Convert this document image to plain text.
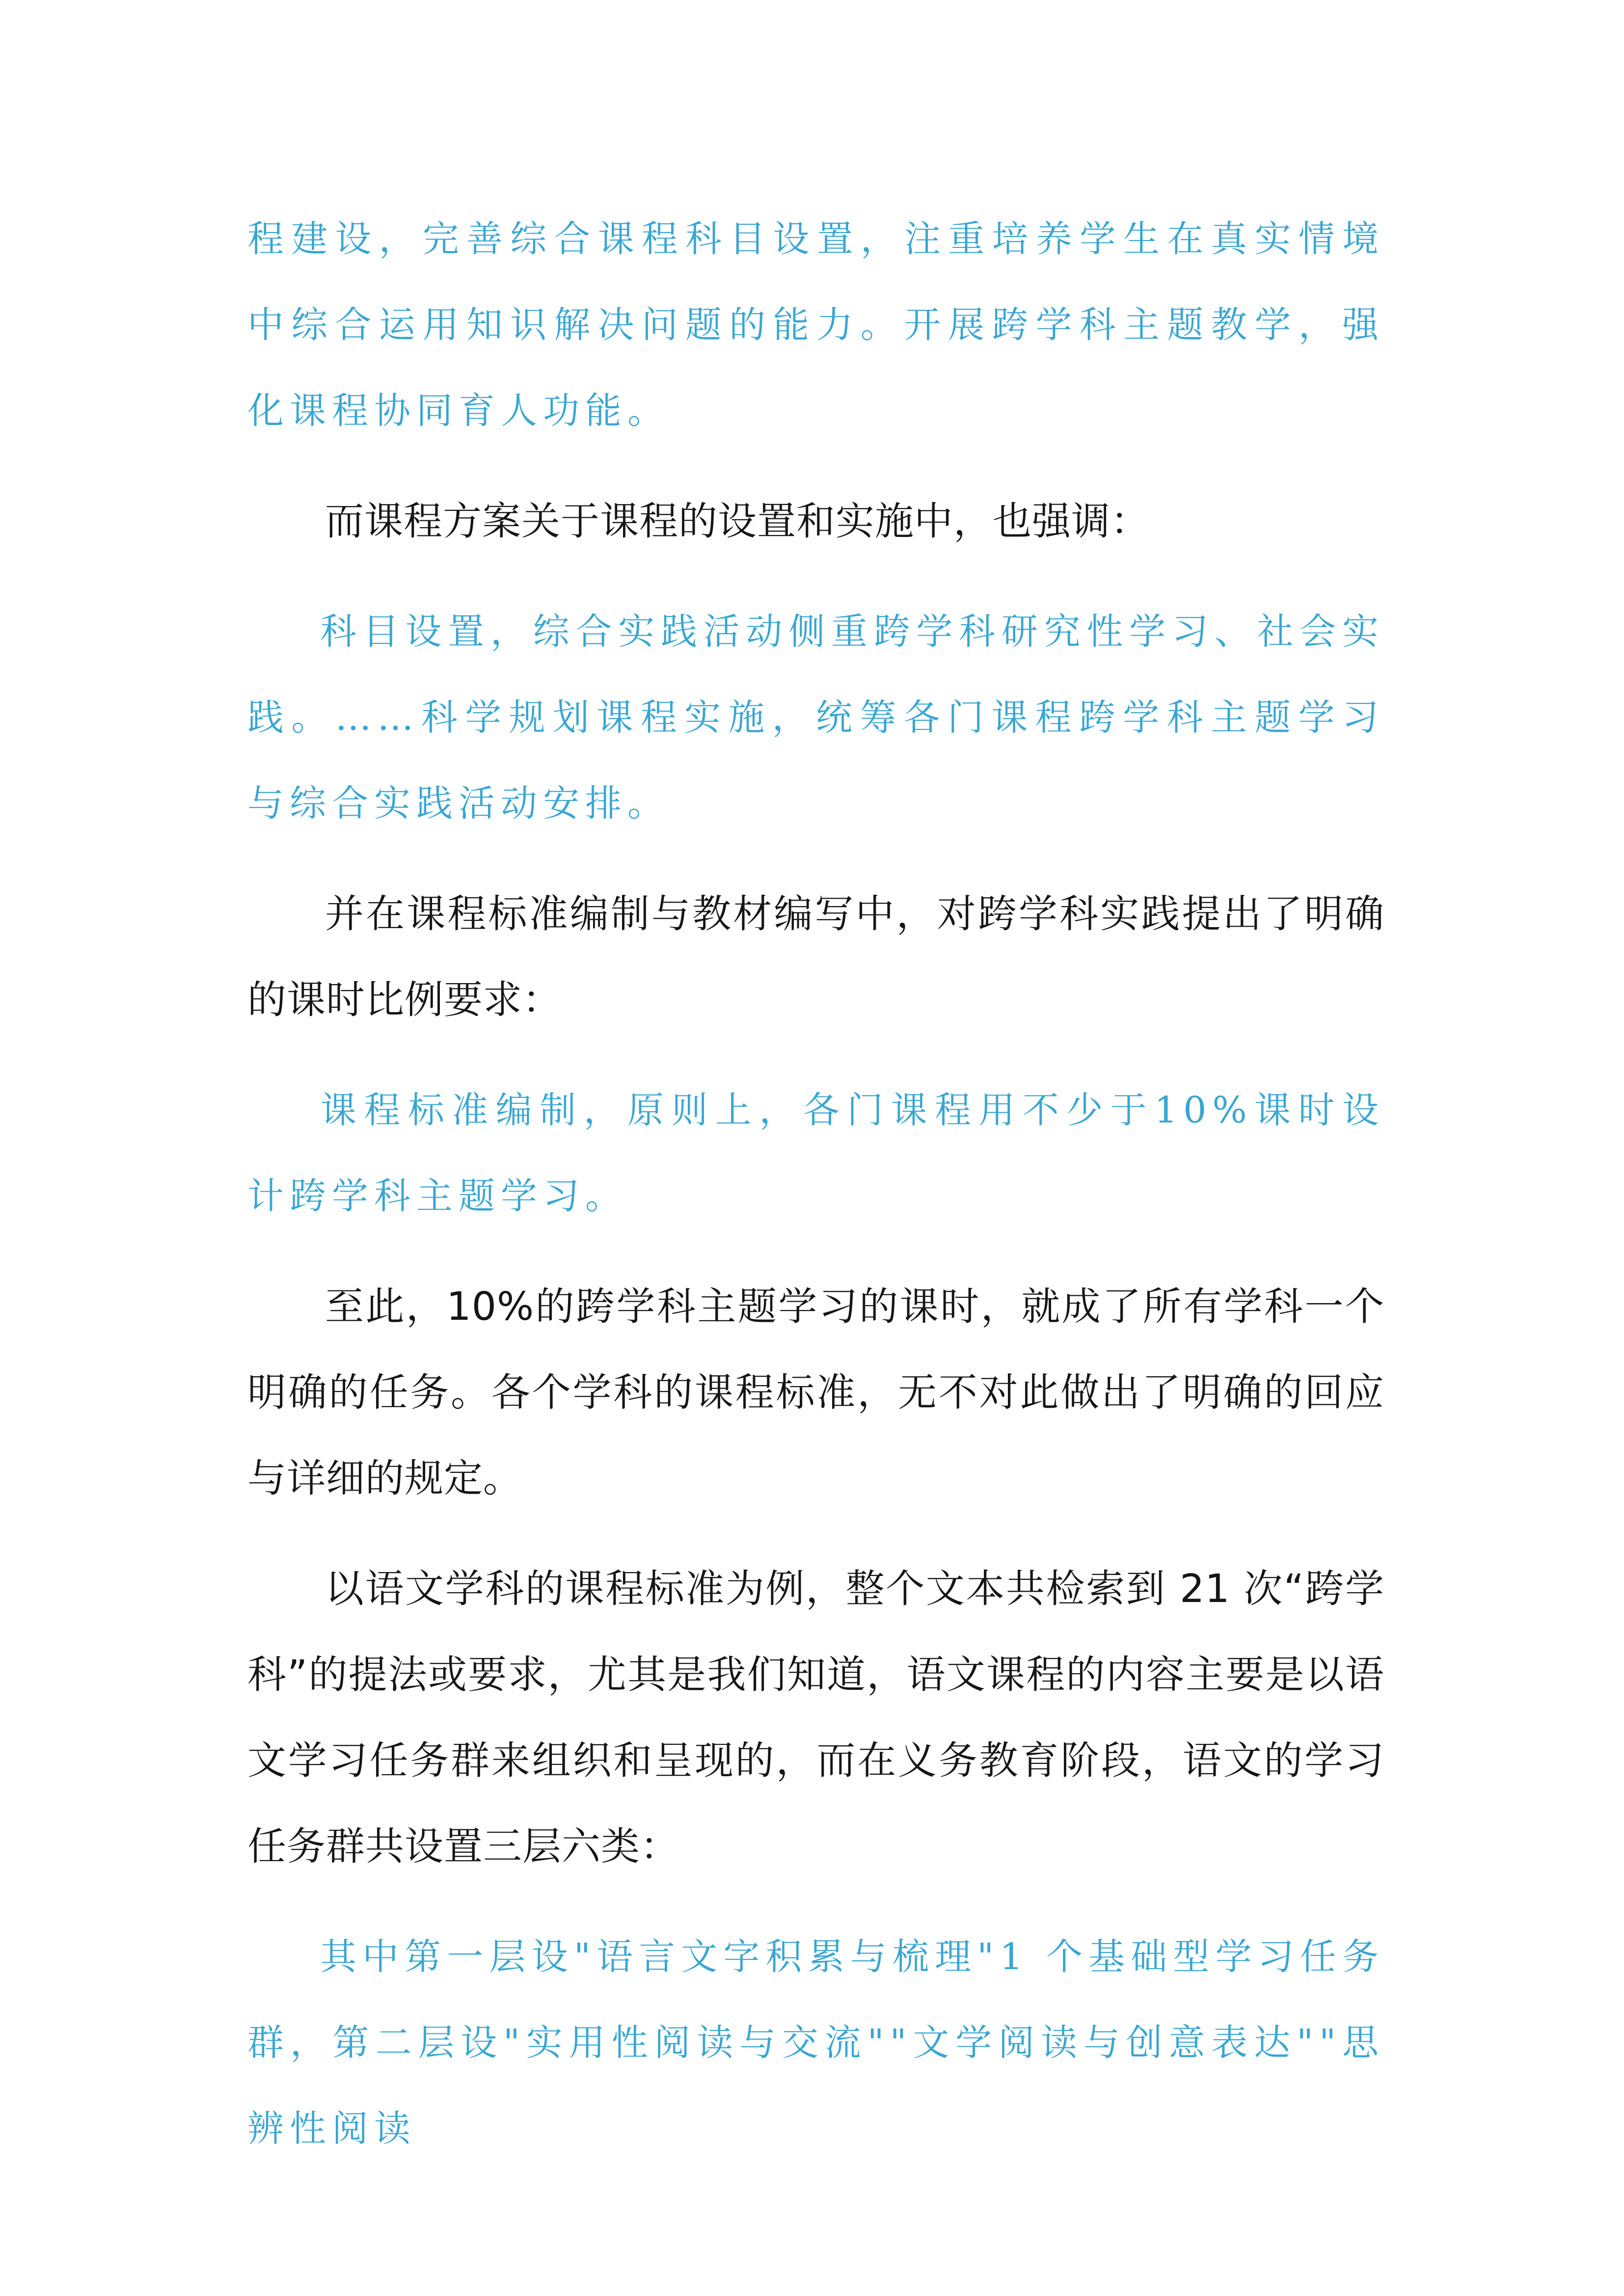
程建设，完善综合课程科目设置，注重培养学生在真实情境中综合运用知识解决问题的能力。开展跨学科主题教学，强化课程协同育人功能。

而课程方案关于课程的设置和实施中，也强调：

科目设置，综合实践活动侧重跨学科研究性学习、社会实践。……科学规划课程实施，统筹各门课程跨学科主题学习与综合实践活动安排。

并在课程标准编制与教材编写中，对跨学科实践提出了明确的课时比例要求：

课程标准编制，原则上，各门课程用不少于10%课时设计跨学科主题学习。

至此，10%的跨学科主题学习的课时，就成了所有学科一个明确的任务。各个学科的课程标准，无不对此做出了明确的回应与详细的规定。

以语文学科的课程标准为例，整个文本共检索到 21 次“跨学科”的提法或要求，尤其是我们知道，语文课程的内容主要是以语文学习任务群来组织和呈现的，而在义务教育阶段，语文的学习任务群共设置三层六类：

其中第一层设"语言文字积累与梳理"1 个基础型学习任务群，第二层设"实用性阅读与交流""文学阅读与创意表达""思辨性阅读
